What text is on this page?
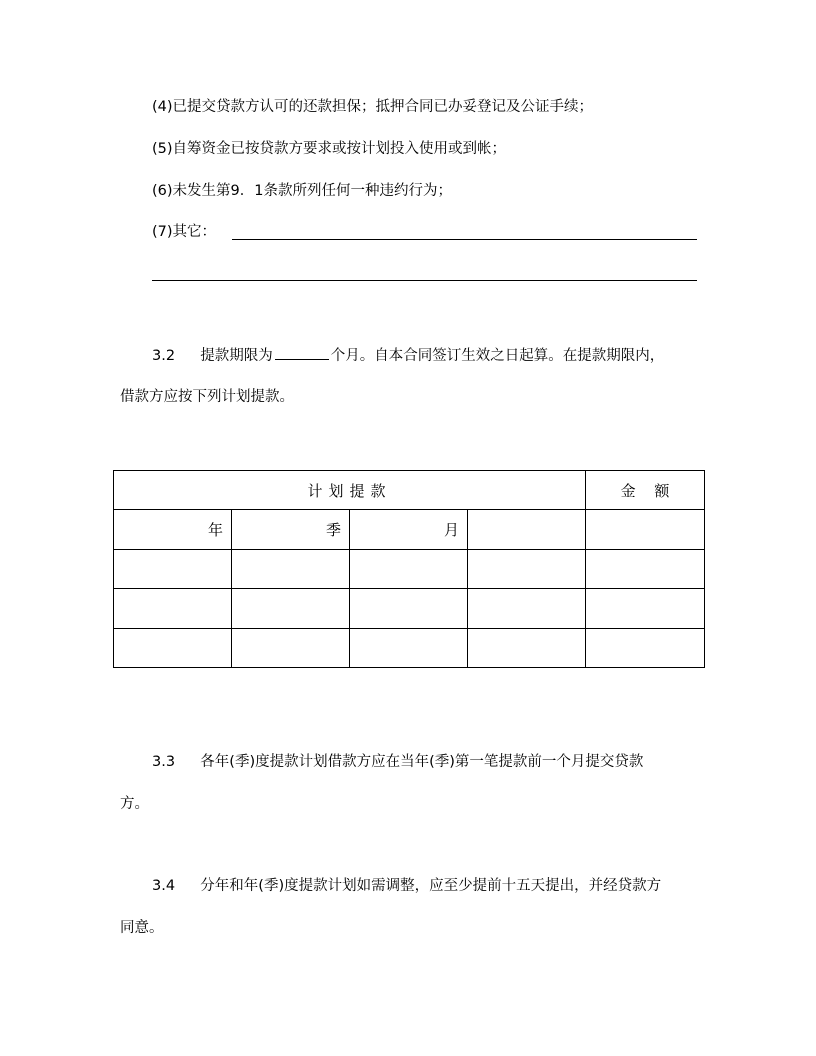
(4)已提交贷款方认可的还款担保；抵押合同已办妥登记及公证手续；
(5)自筹资金已按贷款方要求或按计划投入使用或到帐；
(6)未发生第9．1条款所列任何一种违约行为；
(7)其它：
3.2 提款期限为	个月。自本合同签订生效之日起算。在提款期限内，
借款方应按下列计划提款。
计划提款				金 额
年	季	月		

3.3 各年(季)度提款计划借款方应在当年(季)第一笔提款前一个月提交贷款
方。
3.4 分年和年(季)度提款计划如需调整，应至少提前十五天提出，并经贷款方
同意。
